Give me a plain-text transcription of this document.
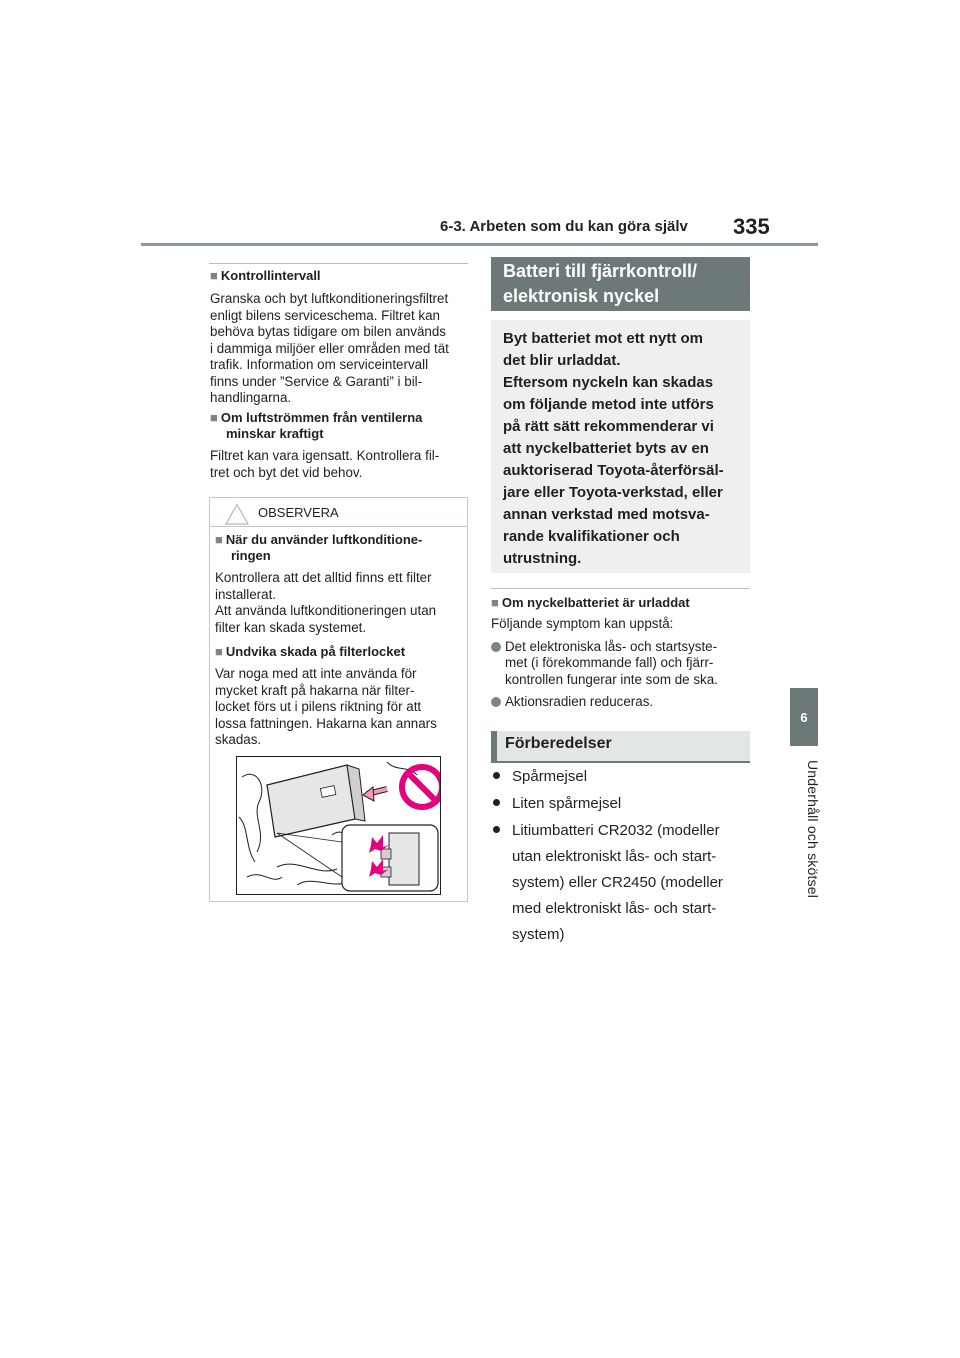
6-3. Arbeten som du kan göra själv 335
6
Underhåll och skötsel
■ Kontrollintervall
Granska och byt luftkonditioneringsfiltret
enligt bilens serviceschema. Filtret kan
behöva bytas tidigare om bilen används
i dammiga miljöer eller områden med tät
trafik. Information om serviceintervall
finns under ”Service & Garanti” i bil-
handlingarna.
■ Om luftströmmen från ventilerna
minskar kraftigt
Filtret kan vara igensatt. Kontrollera fil-
tret och byt det vid behov.
OBSERVERA
■ När du använder luftkonditione-
ringen
Kontrollera att det alltid finns ett filter
installerat.
Att använda luftkonditioneringen utan
filter kan skada systemet.
■ Undvika skada på filterlocket
Var noga med att inte använda för
mycket kraft på hakarna när filter-
locket förs ut i pilens riktning för att
lossa fattningen. Hakarna kan annars
skadas.
Batteri till fjärrkontroll/
elektronisk nyckel
Byt batteriet mot ett nytt om
det blir urladdat.
Eftersom nyckeln kan skadas
om följande metod inte utförs
på rätt sätt rekommenderar vi
att nyckelbatteriet byts av en
auktoriserad Toyota-återförsäl-
jare eller Toyota-verkstad, eller
annan verkstad med motsva-
rande kvalifikationer och
utrustning.
■ Om nyckelbatteriet är urladdat
Följande symptom kan uppstå:
Det elektroniska lås- och startsyste-
met (i förekommande fall) och fjärr-
kontrollen fungerar inte som de ska.
Aktionsradien reduceras.
Förberedelser
Spårmejsel
Liten spårmejsel
Litiumbatteri CR2032 (modeller
utan elektroniskt lås- och start-
system) eller CR2450 (modeller
med elektroniskt lås- och start-
system)
